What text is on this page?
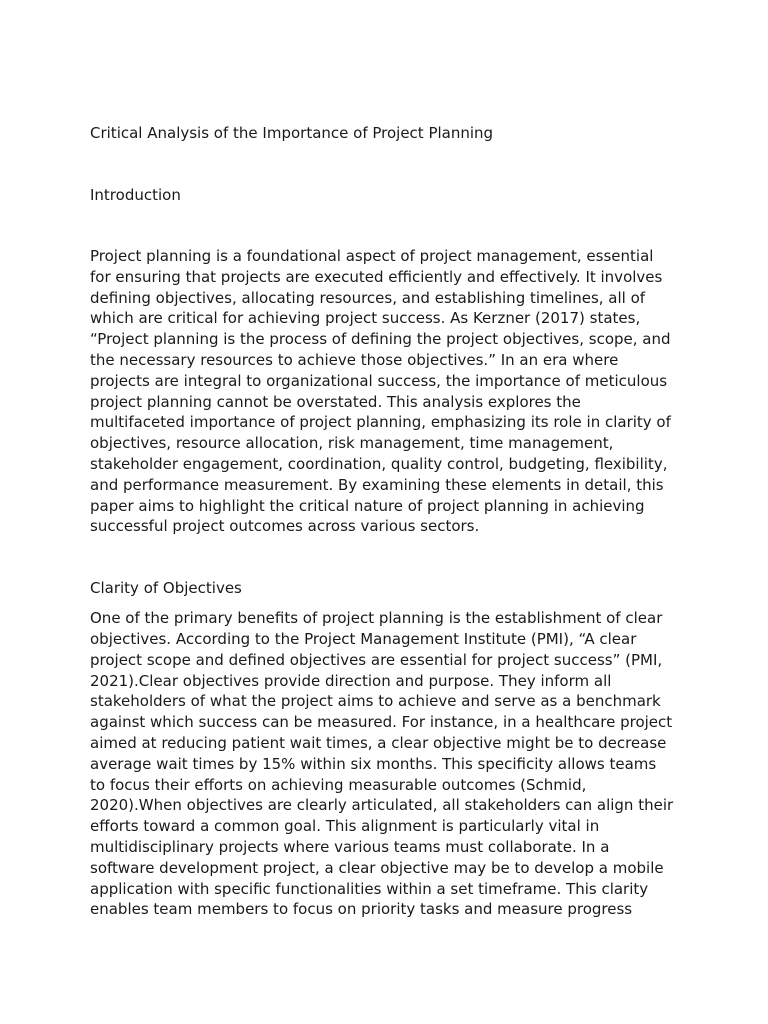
Critical Analysis of the Importance of Project Planning
Introduction
Project planning is a foundational aspect of project management, essential
for ensuring that projects are executed efficiently and effectively. It involves
defining objectives, allocating resources, and establishing timelines, all of
which are critical for achieving project success. As Kerzner (2017) states,
“Project planning is the process of defining the project objectives, scope, and
the necessary resources to achieve those objectives.” In an era where
projects are integral to organizational success, the importance of meticulous
project planning cannot be overstated. This analysis explores the
multifaceted importance of project planning, emphasizing its role in clarity of
objectives, resource allocation, risk management, time management,
stakeholder engagement, coordination, quality control, budgeting, flexibility,
and performance measurement. By examining these elements in detail, this
paper aims to highlight the critical nature of project planning in achieving
successful project outcomes across various sectors.
Clarity of Objectives
One of the primary benefits of project planning is the establishment of clear
objectives. According to the Project Management Institute (PMI), “A clear
project scope and defined objectives are essential for project success” (PMI,
2021).Clear objectives provide direction and purpose. They inform all
stakeholders of what the project aims to achieve and serve as a benchmark
against which success can be measured. For instance, in a healthcare project
aimed at reducing patient wait times, a clear objective might be to decrease
average wait times by 15% within six months. This specificity allows teams
to focus their efforts on achieving measurable outcomes (Schmid,
2020).When objectives are clearly articulated, all stakeholders can align their
efforts toward a common goal. This alignment is particularly vital in
multidisciplinary projects where various teams must collaborate. In a
software development project, a clear objective may be to develop a mobile
application with specific functionalities within a set timeframe. This clarity
enables team members to focus on priority tasks and measure progress
